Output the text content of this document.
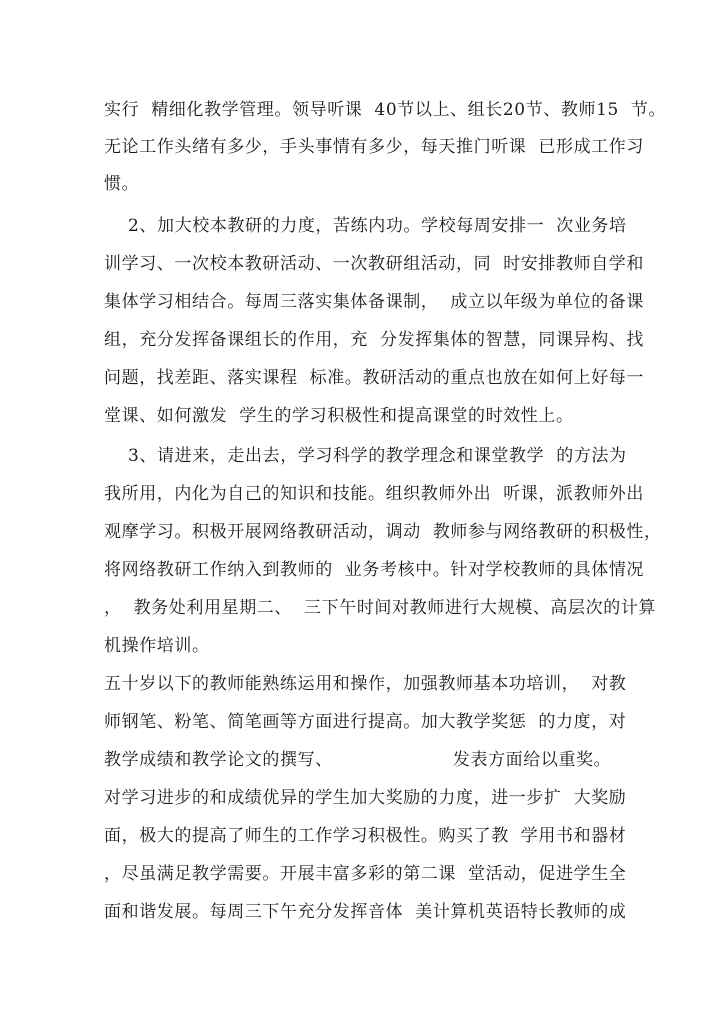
实行  精细化教学管理。领导听课  40节以上、组长20节、教师15  节。
无论工作头绪有多少，手头事情有多少，每天推门听课  已形成工作习
惯。
2、加大校本教研的力度，苦练内功。学校每周安排一  次业务培
训学习、一次校本教研活动、一次教研组活动，同  时安排教师自学和
集体学习相结合。每周三落实集体备课制，  成立以年级为单位的备课
组，充分发挥备课组长的作用，充  分发挥集体的智慧，同课异构、找
问题，找差距、落实课程  标准。教研活动的重点也放在如何上好每一
堂课、如何激发  学生的学习积极性和提高课堂的时效性上。
3、请进来，走出去，学习科学的教学理念和课堂教学  的方法为
我所用，内化为自己的知识和技能。组织教师外出  听课，派教师外出
观摩学习。积极开展网络教研活动，调动  教师参与网络教研的积极性，
将网络教研工作纳入到教师的  业务考核中。针对学校教师的具体情况
，  教务处利用星期二、  三下午时间对教师进行大规模、高层次的计算
机操作培训。
五十岁以下的教师能熟练运用和操作，加强教师基本功培训，  对教
师钢笔、粉笔、简笔画等方面进行提高。加大教学奖惩  的力度，对
教学成绩和教学论文的撰写、                    发表方面给以重奖。
对学习进步的和成绩优异的学生加大奖励的力度，进一步扩  大奖励
面，极大的提高了师生的工作学习积极性。购买了教  学用书和器材
，尽虽满足教学需要。开展丰富多彩的第二课  堂活动，促进学生全
面和谐发展。每周三下午充分发挥音体  美计算机英语特长教师的成
